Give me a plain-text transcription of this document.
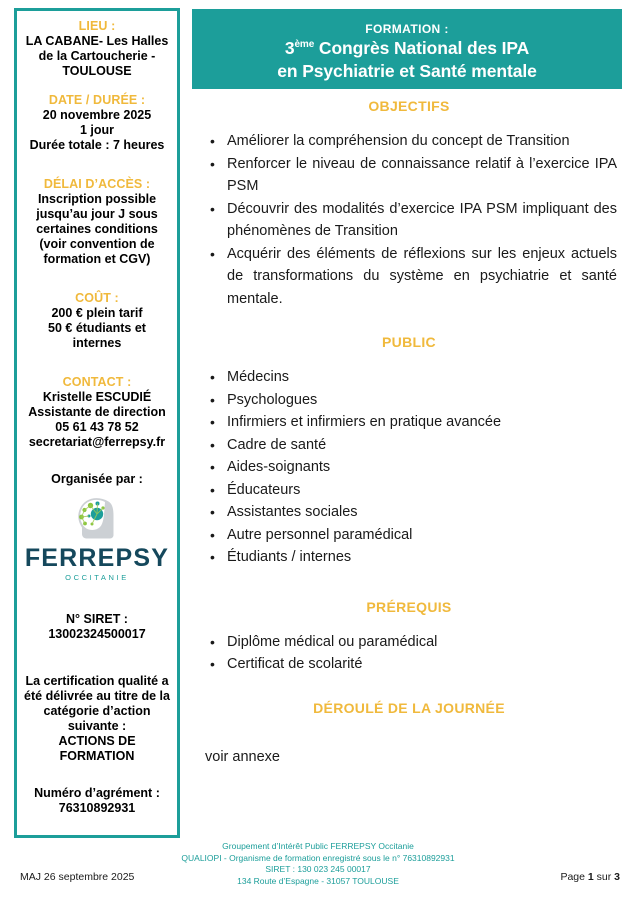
LIEU :
LA CABANE- Les Halles
de la Cartoucherie -
TOULOUSE
DATE / DURÉE :
20 novembre 2025
1 jour
Durée totale : 7 heures
DÉLAI D’ACCÈS :
Inscription possible
jusqu’au jour J sous
certaines conditions
(voir convention de
formation et CGV)
COÛT :
200 € plein tarif
50 € étudiants et internes
CONTACT :
Kristelle ESCUDIÉ
Assistante de direction
05 61 43 78 52
secretariat@ferrepsy.fr
Organisée par :
FERREPSY
OCCITANIE
N° SIRET :
13002324500017
La certification qualité a
été délivrée au titre de la
catégorie d’action
suivante :
ACTIONS DE
FORMATION
Numéro d’agrément :
76310892931
FORMATION :
3ème Congrès National des IPA
en Psychiatrie et Santé mentale
OBJECTIFS
• Améliorer la compréhension du concept de Transition
• Renforcer le niveau de connaissance relatif à l’exercice IPA PSM
• Découvrir des modalités d’exercice IPA PSM impliquant des phénomènes de Transition
• Acquérir des éléments de réflexions sur les enjeux actuels de transformations du système en psychiatrie et santé mentale.
PUBLIC
• Médecins
• Psychologues
• Infirmiers et infirmiers en pratique avancée
• Cadre de santé
• Aides-soignants
• Éducateurs
• Assistantes sociales
• Autre personnel paramédical
• Étudiants / internes
PRÉREQUIS
• Diplôme médical ou paramédical
• Certificat de scolarité
DÉROULÉ DE LA JOURNÉE
voir annexe
Groupement d’Intérêt Public FERREPSY Occitanie
QUALIOPI - Organisme de formation enregistré sous le n° 76310892931
SIRET : 130 023 245 00017
134 Route d’Espagne - 31057 TOULOUSE
MAJ 26 septembre 2025	Page 1 sur 3
